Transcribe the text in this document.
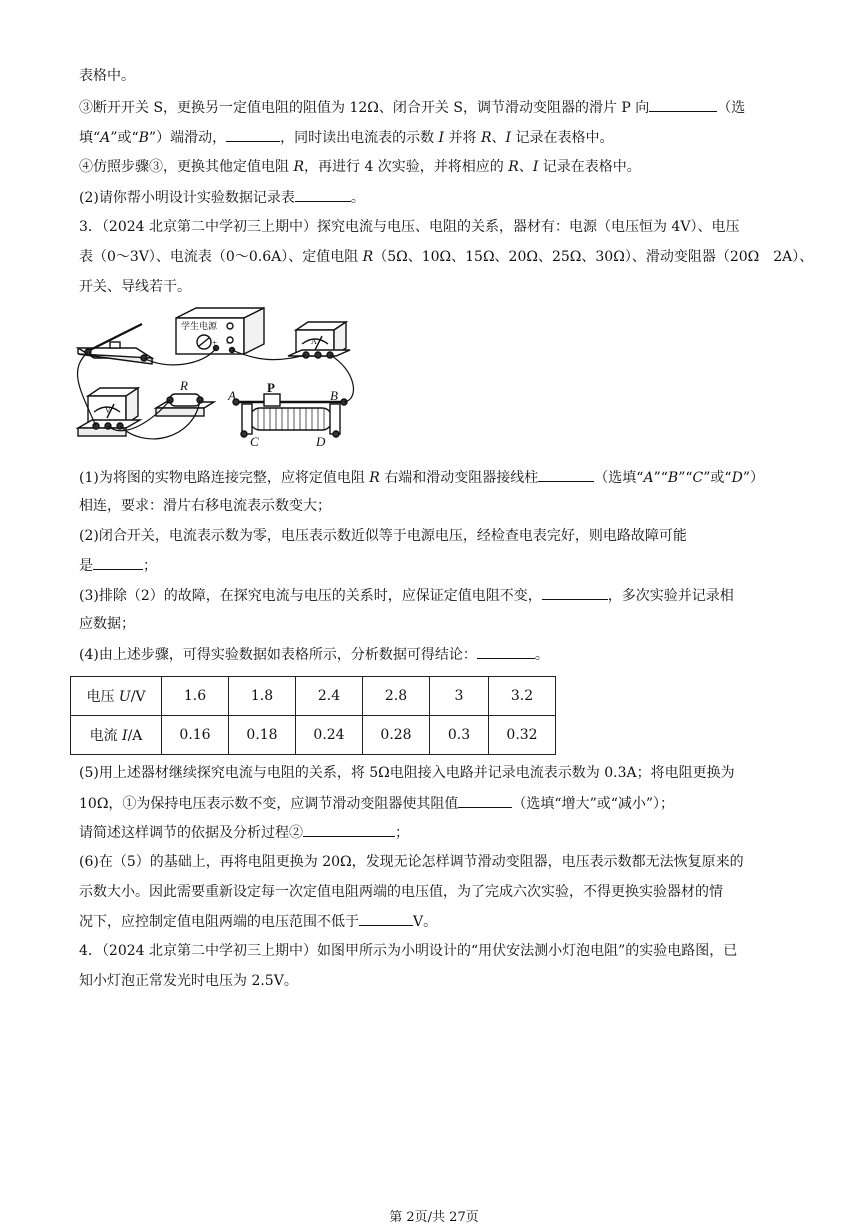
表格中。
③断开开关 S，更换另一定值电阻的阻值为 12Ω、闭合开关 S，调节滑动变阻器的滑片 P 向	（选
填“A”或“B”）端滑动，	，同时读出电流表的示数 I 并将 R、I 记录在表格中。
④仿照步骤③，更换其他定值电阻 R，再进行 4 次实验，并将相应的 R、I 记录在表格中。
(2)请你帮小明设计实验数据记录表	。
3．（2024 北京第二中学初三上期中）探究电流与电压、电阻的关系，器材有：电源（电压恒为 4V）、电压
表（0～3V）、电流表（0～0.6A）、定值电阻 R（5Ω、10Ω、15Ω、20Ω、25Ω、30Ω）、滑动变阻器（20Ω　2A）、
开关、导线若干。
学生电源
+ −	A
V
R	P
A	B
C	D
(1)为将图的实物电路连接完整，应将定值电阻 R 右端和滑动变阻器接线柱	（选填“A”“B”“C”或“D”）
相连，要求：滑片右移电流表示数变大；
(2)闭合开关，电流表示数为零，电压表示数近似等于电源电压，经检查电表完好，则电路故障可能
是	；
(3)排除（2）的故障，在探究电流与电压的关系时，应保证定值电阻不变，	，多次实验并记录相
应数据；
(4)由上述步骤，可得实验数据如表格所示，分析数据可得结论：	。
电压 U/V	1.6	1.8	2.4	2.8	3	3.2
电流 I/A	0.16	0.18	0.24	0.28	0.3	0.32
(5)用上述器材继续探究电流与电阻的关系，将 5Ω电阻接入电路并记录电流表示数为 0.3A；将电阻更换为
10Ω，①为保持电压表示数不变，应调节滑动变阻器使其阻值	（选填“增大”或“减小”）；
请简述这样调节的依据及分析过程②	；
(6)在（5）的基础上，再将电阻更换为 20Ω，发现无论怎样调节滑动变阻器，电压表示数都无法恢复原来的
示数大小。因此需要重新设定每一次定值电阻两端的电压值，为了完成六次实验，不得更换实验器材的情
况下，应控制定值电阻两端的电压范围不低于	V。
4．（2024 北京第二中学初三上期中）如图甲所示为小明设计的“用伏安法测小灯泡电阻”的实验电路图，已
知小灯泡正常发光时电压为 2.5V。
第 2页/共 27页
